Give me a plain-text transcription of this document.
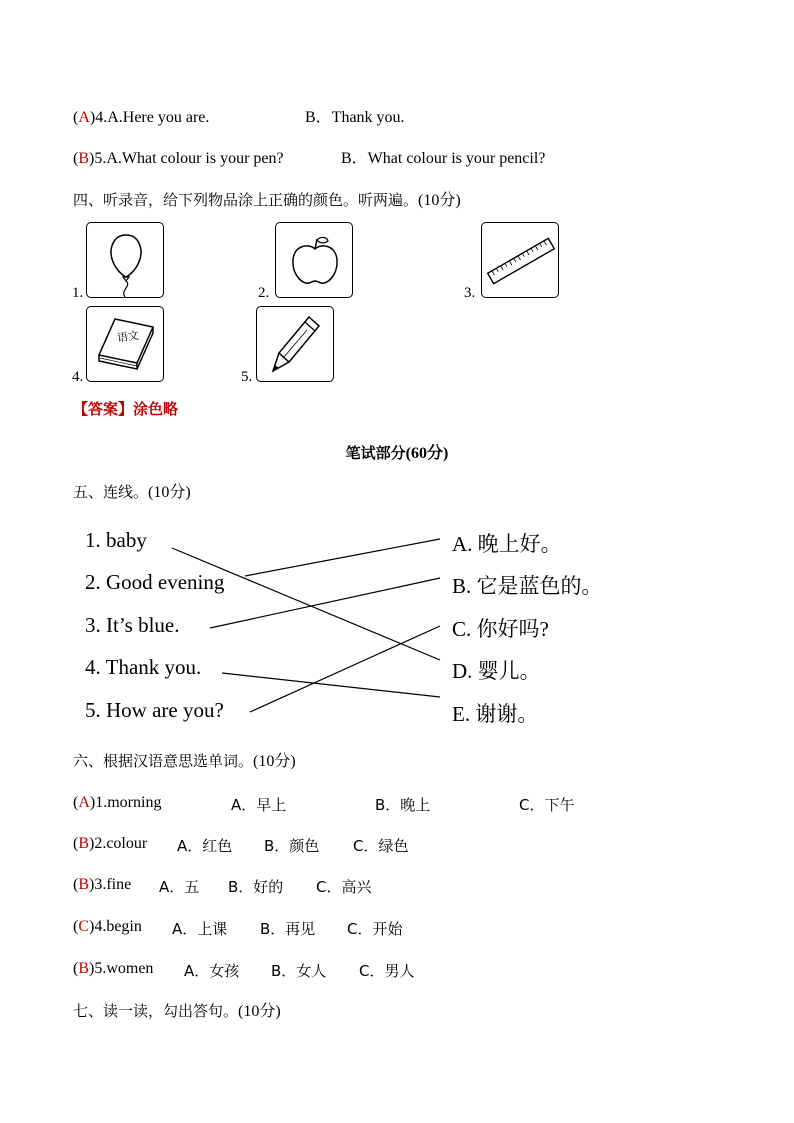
(A)4.A.Here you are.	B．Thank you.
(B)5.A.What colour is your pen?	B．What colour is your pencil?
四、听录音，给下列物品涂上正确的颜色。听两遍。(10分)
1.	2.	3.
4.
语文
5.
【答案】涂色略
笔试部分(60分)
五、连线。(10分)
1. baby
2. Good evening
3. It’s blue.
4. Thank you.
5. How are you?
A. 晚上好。
B. 它是蓝色的。
C. 你好吗?
D. 婴儿。
E. 谢谢。
六、根据汉语意思选单词。(10分)
(A)1.morning	A．早上	B．晚上	C．下午
(B)2.colour A．红色 B．颜色 C．绿色
(B)3.fine A．五 B．好的 C．高兴
(C)4.begin A．上课 B．再见 C．开始
(B)5.women A．女孩 B．女人 C．男人
七、读一读，勾出答句。(10分)
